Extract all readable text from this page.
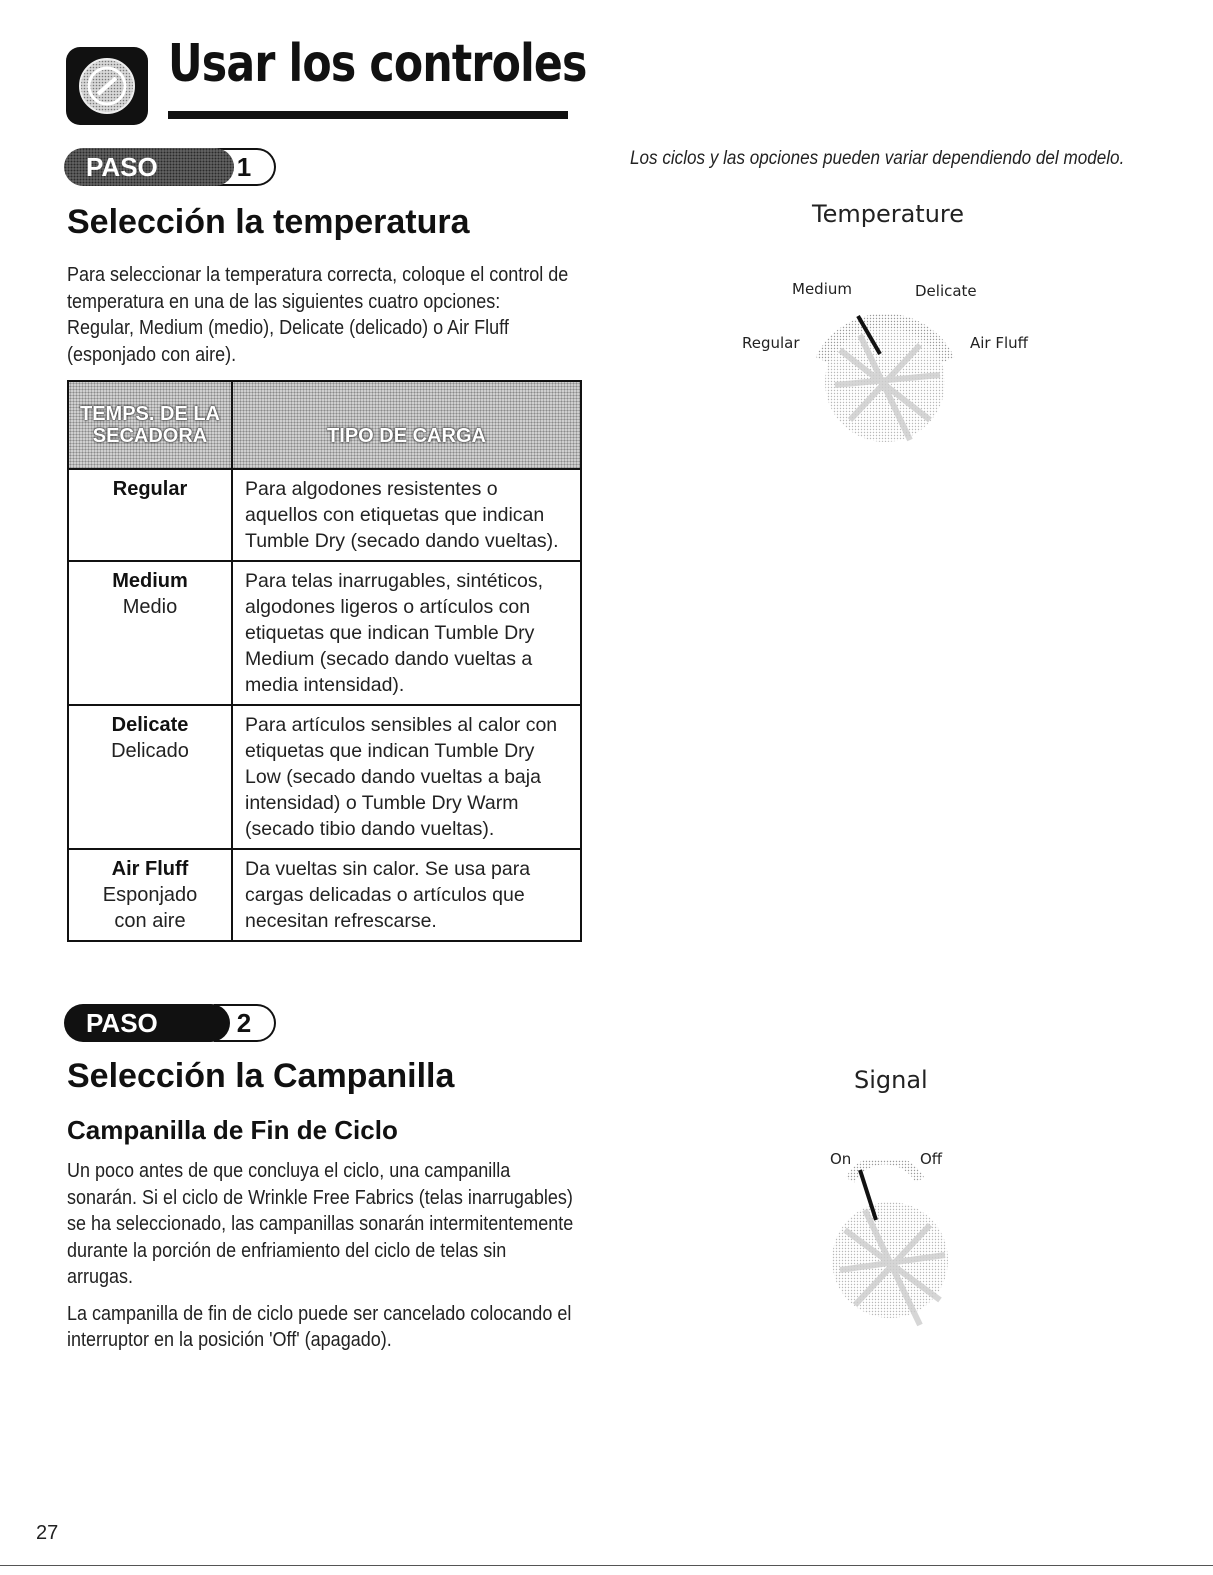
Usar los controles
Los ciclos y las opciones pueden variar dependiendo del modelo.
1
PASO
Selección la temperatura

Para seleccionar la temperatura correcta, coloque el control de temperatura en una de las siguientes cuatro opciones: Regular, Medium (medio), Delicate (delicado) o Air Fluff (esponjado con aire).

TEMPS. DE LA SECADORA	TIPO DE CARGA

Regular	Para algodones resistentes o aquellos con etiquetas que indican Tumble Dry (secado dando vueltas).

Medium
Medio	Para telas inarrugables, sintéticos, algodones ligeros o artículos con etiquetas que indican Tumble Dry Medium (secado dando vueltas a media intensidad).

Delicate
Delicado	Para artículos sensibles al calor con etiquetas que indican Tumble Dry Low (secado dando vueltas a baja intensidad) o Tumble Dry Warm (secado tibio dando vueltas).

Air Fluff
Esponjado
con aire	Da vueltas sin calor. Se usa para cargas delicadas o artículos que necesitan refrescarse.
Temperature
Medium	Delicate
Regular	Air Fluff
2
PASO
Selección la Campanilla
Campanilla de Fin de Ciclo

Un poco antes de que concluya el ciclo, una campanilla sonarán. Si el ciclo de Wrinkle Free Fabrics (telas inarrugables) se ha seleccionado, las campanillas sonarán intermitentemente durante la porción de enfriamiento del ciclo de telas sin arrugas.

La campanilla de fin de ciclo puede ser cancelado colocando el interruptor en la posición 'Off' (apagado).

Signal
On	Off
27
